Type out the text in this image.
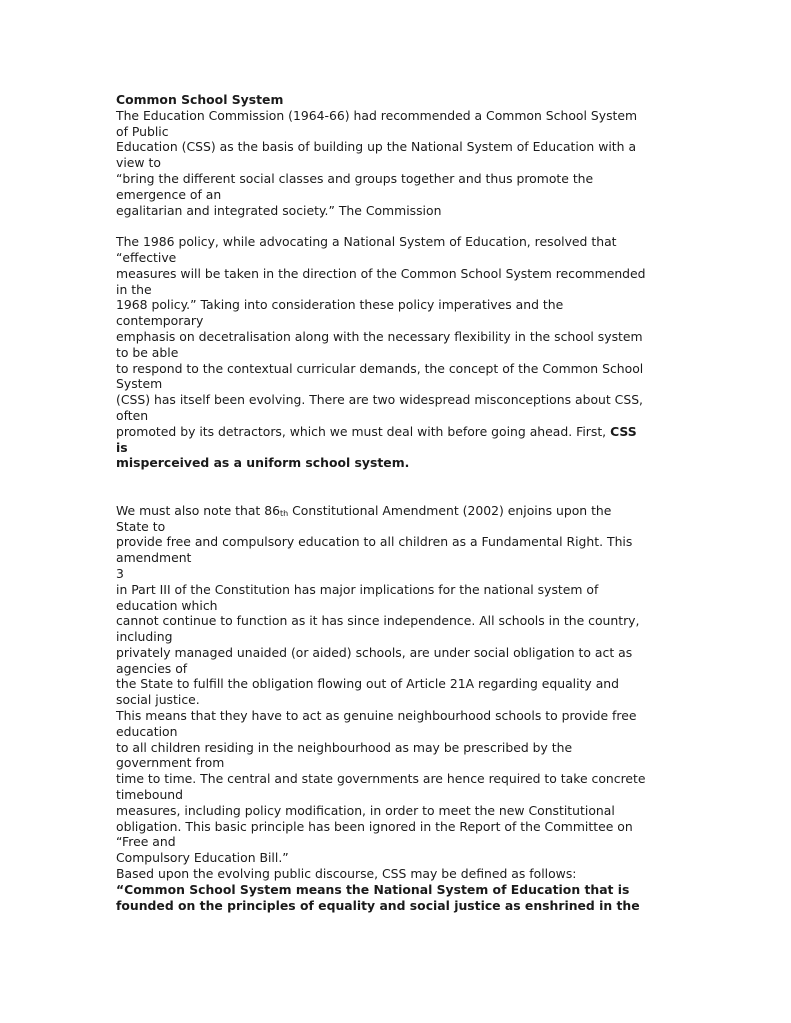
Common School System
The Education Commission (1964-66) had recommended a Common School System
of Public
Education (CSS) as the basis of building up the National System of Education with a
view to
“bring the different social classes and groups together and thus promote the
emergence of an
egalitarian and integrated society.” The Commission
The 1986 policy, while advocating a National System of Education, resolved that
“effective
measures will be taken in the direction of the Common School System recommended
in the
1968 policy.” Taking into consideration these policy imperatives and the
contemporary
emphasis on decetralisation along with the necessary flexibility in the school system
to be able
to respond to the contextual curricular demands, the concept of the Common School
System
(CSS) has itself been evolving. There are two widespread misconceptions about CSS,
often
promoted by its detractors, which we must deal with before going ahead. First, CSS
is
misperceived as a uniform school system.
We must also note that $86_{th}$ Constitutional Amendment (2002) enjoins upon the
State to
provide free and compulsory education to all children as a Fundamental Right. This
amendment
3
in Part III of the Constitution has major implications for the national system of
education which
cannot continue to function as it has since independence. All schools in the country,
including
privately managed unaided (or aided) schools, are under social obligation to act as
agencies of
the State to fulfill the obligation flowing out of Article 21A regarding equality and
social justice.
This means that they have to act as genuine neighbourhood schools to provide free
education
to all children residing in the neighbourhood as may be prescribed by the
government from
time to time. The central and state governments are hence required to take concrete
timebound
measures, including policy modification, in order to meet the new Constitutional
obligation. This basic principle has been ignored in the Report of the Committee on
“Free and
Compulsory Education Bill.”
Based upon the evolving public discourse, CSS may be defined as follows:
“Common School System means the National System of Education that is
founded on the principles of equality and social justice as enshrined in the
